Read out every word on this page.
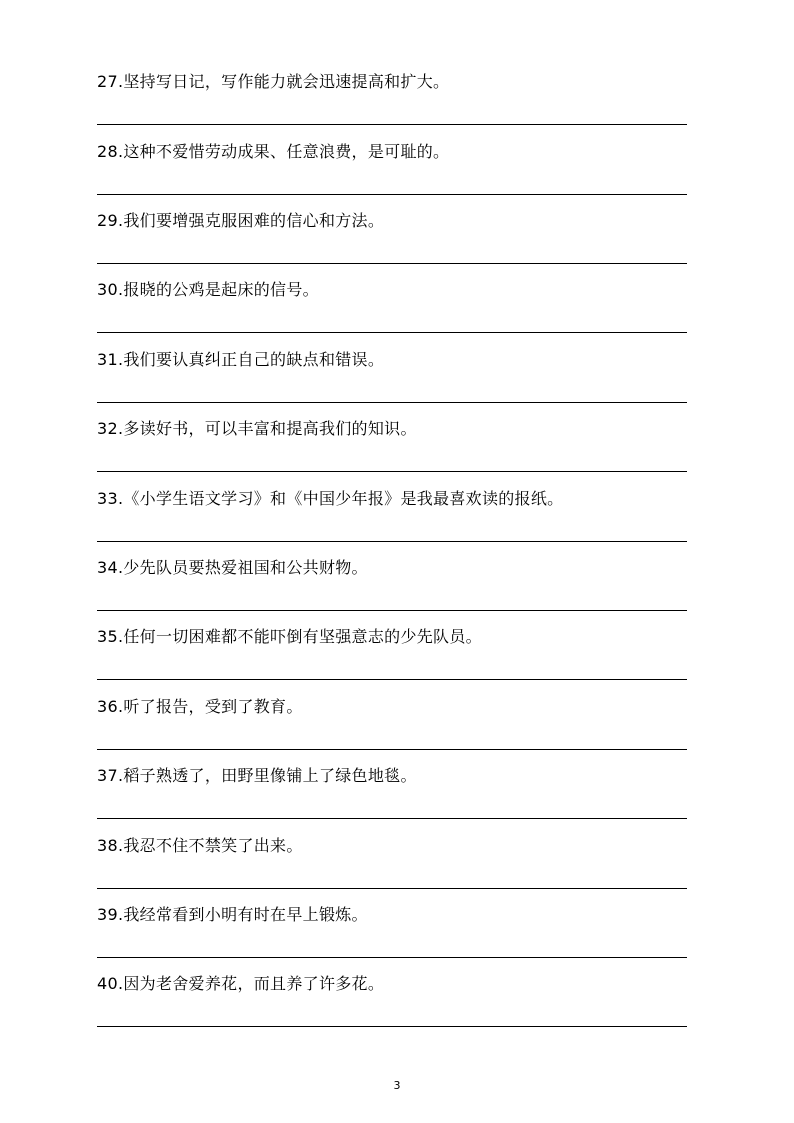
27.坚持写日记，写作能力就会迅速提高和扩大。
28.这种不爱惜劳动成果、任意浪费，是可耻的。
29.我们要增强克服困难的信心和方法。
30.报晓的公鸡是起床的信号。
31.我们要认真纠正自己的缺点和错误。
32.多读好书，可以丰富和提高我们的知识。
33.《小学生语文学习》和《中国少年报》是我最喜欢读的报纸。
34.少先队员要热爱祖国和公共财物。
35.任何一切困难都不能吓倒有坚强意志的少先队员。
36.听了报告，受到了教育。
37.稻子熟透了，田野里像铺上了绿色地毯。
38.我忍不住不禁笑了出来。
39.我经常看到小明有时在早上锻炼。
40.因为老舍爱养花，而且养了许多花。
3
